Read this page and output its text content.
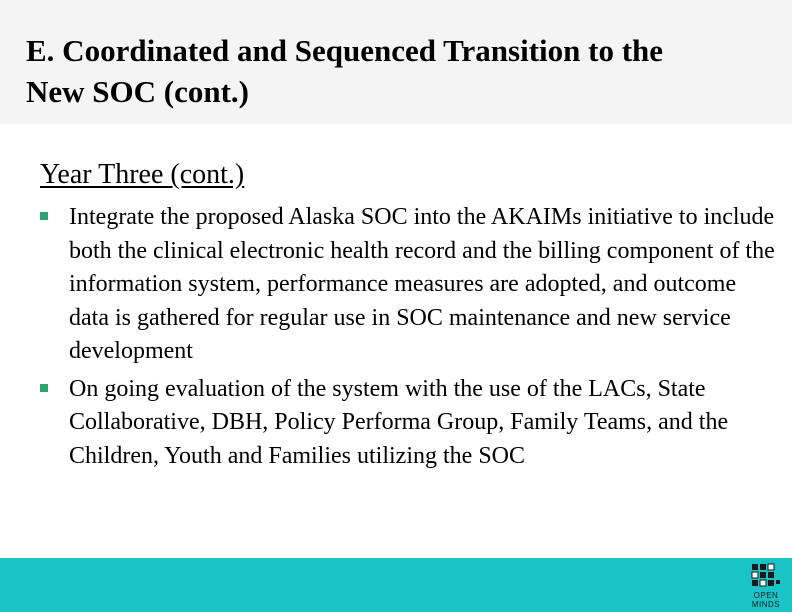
E. Coordinated and Sequenced Transition to the
New SOC (cont.)
Year Three (cont.)
Integrate the proposed Alaska SOC into the AKAIMs initiative to include both the clinical electronic health record and the billing component of the information system, performance measures are adopted, and outcome data is gathered for regular use in SOC maintenance and new service development
On going evaluation of the system with the use of the LACs, State Collaborative, DBH, Policy Performa Group, Family Teams, and the Children, Youth and Families utilizing the SOC
OPEN
MINDS
